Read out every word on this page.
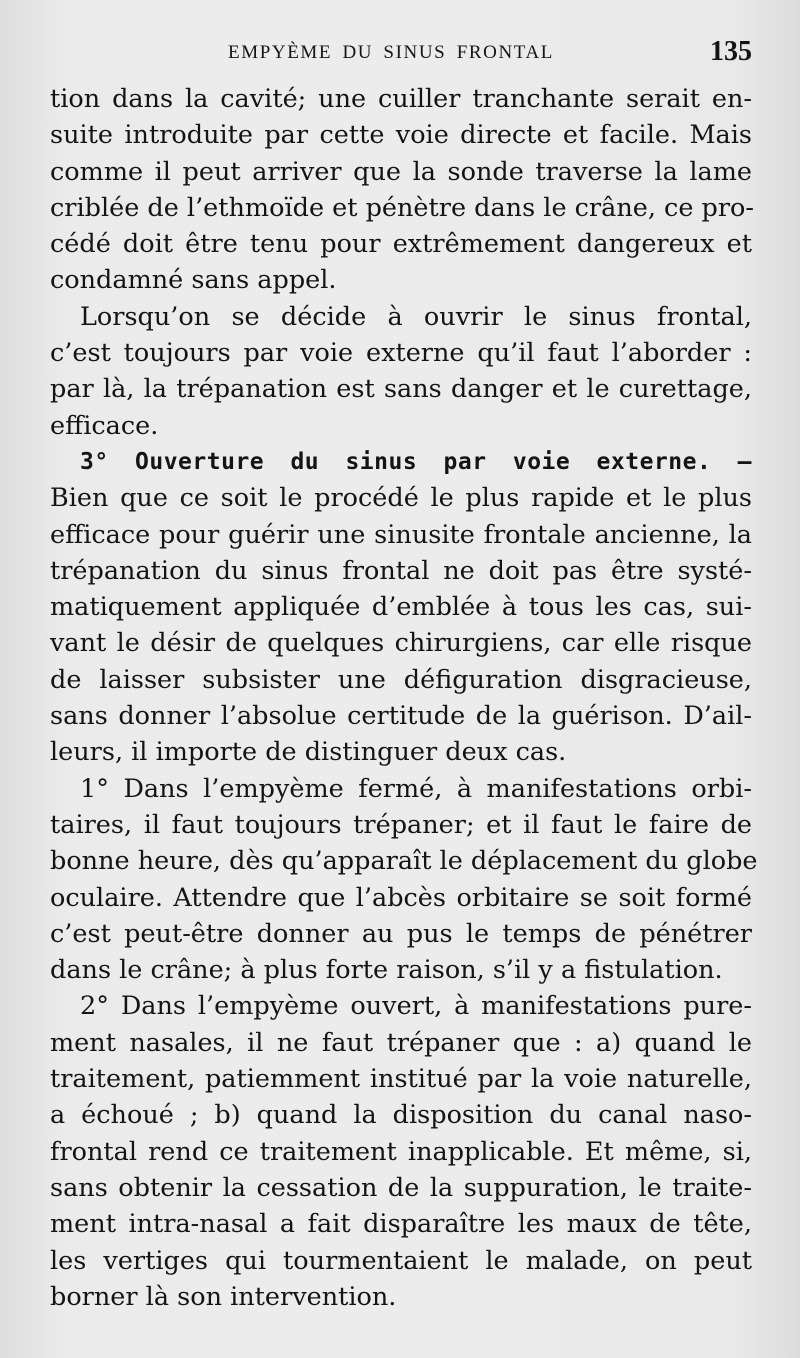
EMPYÈME DU SINUS FRONTAL	135
tion dans la cavité; une cuiller tranchante serait en-
suite introduite par cette voie directe et facile. Mais
comme il peut arriver que la sonde traverse la lame
criblée de l’ethmoïde et pénètre dans le crâne, ce pro-
cédé doit être tenu pour extrêmement dangereux et
condamné sans appel.
Lorsqu’on se décide à ouvrir le sinus frontal,
c’est toujours par voie externe qu’il faut l’aborder :
par là, la trépanation est sans danger et le curettage,
efficace.
3° Ouverture du sinus par voie externe. —
Bien que ce soit le procédé le plus rapide et le plus
efficace pour guérir une sinusite frontale ancienne, la
trépanation du sinus frontal ne doit pas être systé-
matiquement appliquée d’emblée à tous les cas, sui-
vant le désir de quelques chirurgiens, car elle risque
de laisser subsister une défiguration disgracieuse,
sans donner l’absolue certitude de la guérison. D’ail-
leurs, il importe de distinguer deux cas.
1° Dans l’empyème fermé, à manifestations orbi-
taires, il faut toujours trépaner; et il faut le faire de
bonne heure, dès qu’apparaît le déplacement du globe
oculaire. Attendre que l’abcès orbitaire se soit formé
c’est peut-être donner au pus le temps de pénétrer
dans le crâne; à plus forte raison, s’il y a fistulation.
2° Dans l’empyème ouvert, à manifestations pure-
ment nasales, il ne faut trépaner que : a) quand le
traitement, patiemment institué par la voie naturelle,
a échoué ; b) quand la disposition du canal naso-
frontal rend ce traitement inapplicable. Et même, si,
sans obtenir la cessation de la suppuration, le traite-
ment intra-nasal a fait disparaître les maux de tête,
les vertiges qui tourmentaient le malade, on peut
borner là son intervention.
